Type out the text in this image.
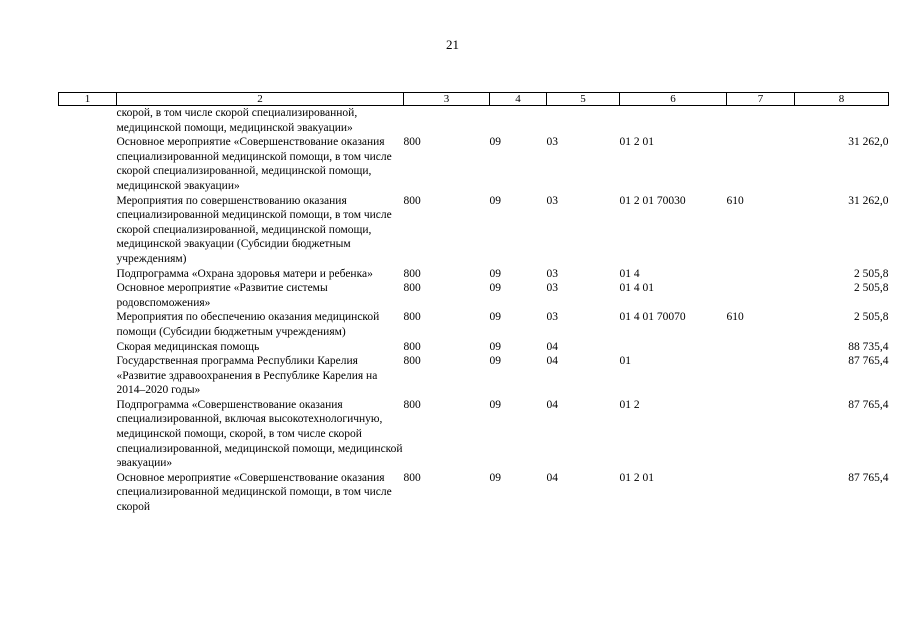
21
1	2	3	4	5	6	7	8
	скорой, в том числе скорой специализированной, медицинской помощи, медицинской эвакуации»						
	Основное мероприятие «Совершенствование оказания специализированной медицинской помощи, в том числе скорой специализированной, медицинской помощи, медицинской эвакуации»	800	09	03	01 2 01		31 262,0
	Мероприятия по совершенствованию оказания специализированной медицинской помощи, в том числе скорой специализированной, медицинской помощи, медицинской эвакуации (Субсидии бюджетным учреждениям)	800	09	03	01 2 01 70030	610	31 262,0
	Подпрограмма «Охрана здоровья матери и ребенка»	800	09	03	01 4		2 505,8
	Основное мероприятие «Развитие системы родовспоможения»	800	09	03	01 4 01		2 505,8
	Мероприятия по обеспечению оказания медицинской помощи (Субсидии бюджетным учреждениям)	800	09	03	01 4 01 70070	610	2 505,8
	Скорая медицинская помощь	800	09	04			88 735,4
	Государственная программа Республики Карелия «Развитие здравоохранения в Республике Карелия на 2014–2020 годы»	800	09	04	01		87 765,4
	Подпрограмма «Совершенствование оказания специализированной, включая высокотехнологичную, медицинской помощи, скорой, в том числе скорой специализированной, медицинской помощи, медицинской эвакуации»	800	09	04	01 2		87 765,4
	Основное мероприятие «Совершенствование оказания специализированной медицинской помощи, в том числе скорой	800	09	04	01 2 01		87 765,4
